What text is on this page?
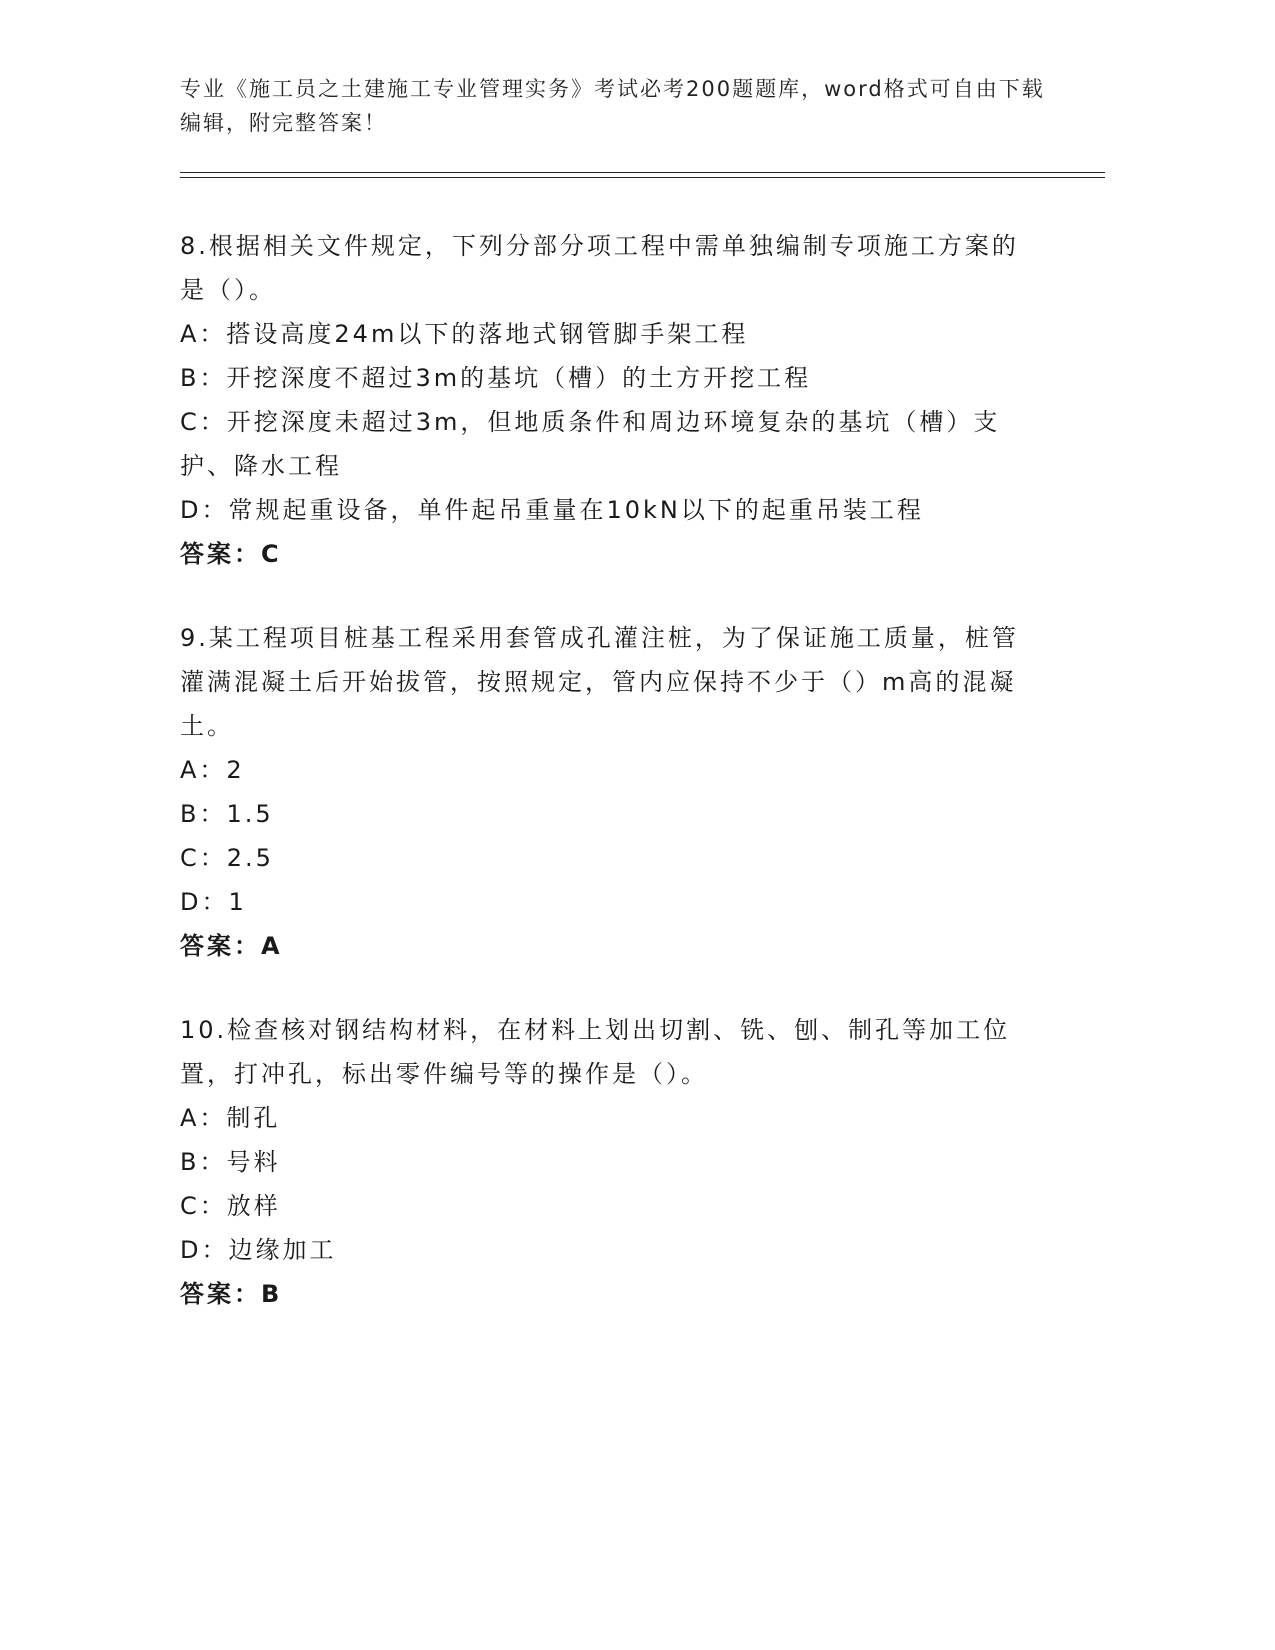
专业《施工员之土建施工专业管理实务》考试必考200题题库，word格式可自由下载编辑，附完整答案！

8.根据相关文件规定，下列分部分项工程中需单独编制专项施工方案的是（）。

A：搭设高度24m以下的落地式钢管脚手架工程

B：开挖深度不超过3m的基坑（槽）的土方开挖工程

C：开挖深度未超过3m，但地质条件和周边环境复杂的基坑（槽）支护、降水工程

D：常规起重设备，单件起吊重量在10kN以下的起重吊装工程

答案：C

9.某工程项目桩基工程采用套管成孔灌注桩，为了保证施工质量，桩管灌满混凝土后开始拔管，按照规定，管内应保持不少于（）m高的混凝土。

A：2

B：1.5

C：2.5

D：1

答案：A

10.检查核对钢结构材料，在材料上划出切割、铣、刨、制孔等加工位置，打冲孔，标出零件编号等的操作是（）。

A：制孔

B：号料

C：放样

D：边缘加工

答案：B
